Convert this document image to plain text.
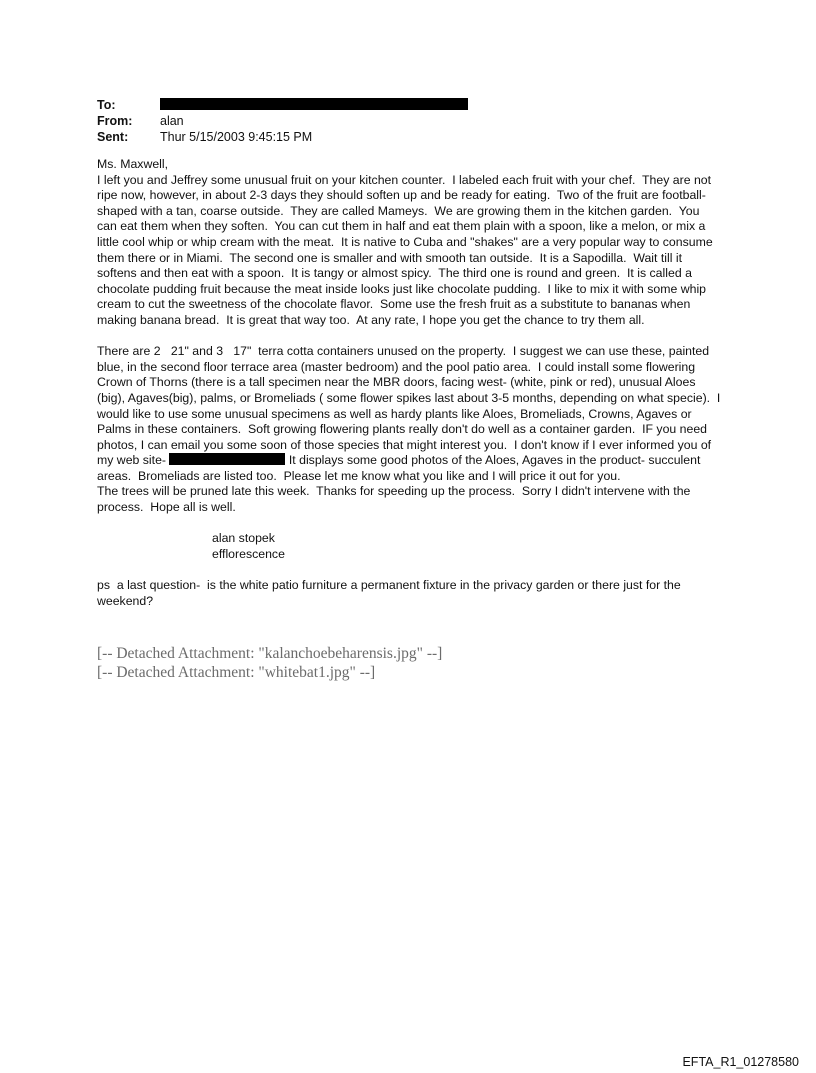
To:
From:	alan
Sent:	Thur 5/15/2003 9:45:15 PM

Ms. Maxwell,

I left you and Jeffrey some unusual fruit on your kitchen counter.  I labeled each fruit with your chef.  They are not ripe now, however, in about 2-3 days they should soften up and be ready for eating.  Two of the fruit are football-shaped with a tan, coarse outside.  They are called Mameys.  We are growing them in the kitchen garden.  You can eat them when they soften.  You can cut them in half and eat them plain with a spoon, like a melon, or mix a little cool whip or whip cream with the meat.  It is native to Cuba and "shakes" are a very popular way to consume them there or in Miami.  The second one is smaller and with smooth tan outside.  It is a Sapodilla.  Wait till it softens and then eat with a spoon.  It is tangy or almost spicy.  The third one is round and green.  It is called a chocolate pudding fruit because the meat inside looks just like chocolate pudding.  I like to mix it with some whip cream to cut the sweetness of the chocolate flavor.  Some use the fresh fruit as a substitute to bananas when making banana bread.  It is great that way too.  At any rate, I hope you get the chance to try them all.

There are 2   21" and 3   17"  terra cotta containers unused on the property.  I suggest we can use these, painted blue, in the second floor terrace area (master bedroom) and the pool patio area.  I could install some flowering Crown of Thorns (there is a tall specimen near the MBR doors, facing west- (white, pink or red), unusual Aloes (big), Agaves(big), palms, or Bromeliads ( some flower spikes last about 3-5 months, depending on what specie).  I would like to use some unusual specimens as well as hardy plants like Aloes, Bromeliads, Crowns, Agaves or Palms in these containers.  Soft growing flowering plants really don't do well as a container garden.  IF you need photos, I can email you some soon of those species that might interest you.  I don't know if I ever informed you of my web site-	It displays some good photos of the Aloes, Agaves in the product- succulent areas.  Bromeliads are listed too.  Please let me know what you like and I will price it out for you.

The trees will be pruned late this week.  Thanks for speeding up the process.  Sorry I didn't intervene with the process.  Hope all is well.

alan stopek

efflorescence

ps  a last question-  is the white patio furniture a permanent fixture in the privacy garden or there just for the weekend?

[-- Detached Attachment: "kalanchoebeharensis.jpg" --]
[-- Detached Attachment: "whitebat1.jpg" --]
EFTA_R1_01278580
